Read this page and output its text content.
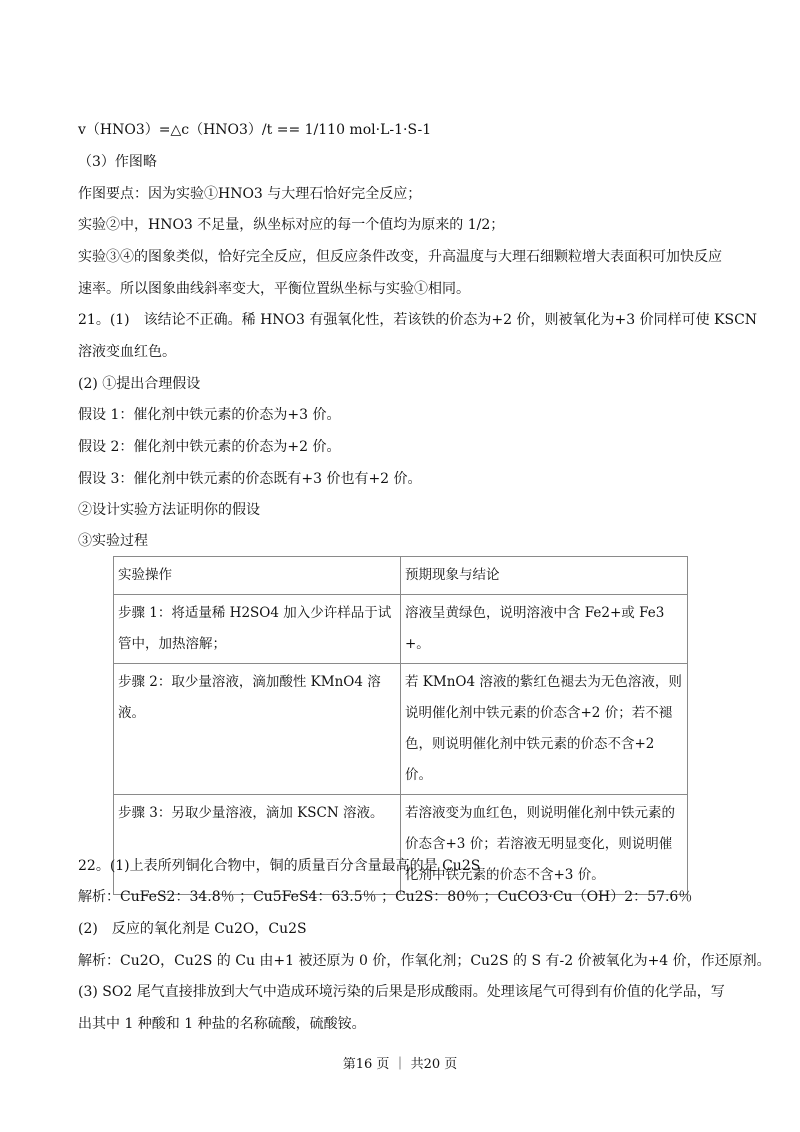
v（HNO3）=△c（HNO3）/t == 1/110 mol·L-1·S-1
（3）作图略
作图要点：因为实验①HNO3 与大理石恰好完全反应；
实验②中，HNO3 不足量，纵坐标对应的每一个值均为原来的 1/2；
实验③④的图象类似，恰好完全反应，但反应条件改变，升高温度与大理石细颗粒增大表面积可加快反应
速率。所以图象曲线斜率变大，平衡位置纵坐标与实验①相同。
21。(1)　该结论不正确。稀 HNO3 有强氧化性，若该铁的价态为+2 价，则被氧化为+3 价同样可使 KSCN
溶液变血红色。
(2) ①提出合理假设
假设 1：催化剂中铁元素的价态为+3 价。
假设 2：催化剂中铁元素的价态为+2 价。
假设 3：催化剂中铁元素的价态既有+3 价也有+2 价。
②设计实验方法证明你的假设
③实验过程
实验操作	预期现象与结论
步骤 1：将适量稀 H2SO4 加入少许样品于试管中，加热溶解；	溶液呈黄绿色，说明溶液中含 Fe2+或 Fe3+。
步骤 2：取少量溶液，滴加酸性 KMnO4 溶液。	若 KMnO4 溶液的紫红色褪去为无色溶液，则说明催化剂中铁元素的价态含+2 价；若不褪色，则说明催化剂中铁元素的价态不含+2 价。
步骤 3：另取少量溶液，滴加 KSCN 溶液。	若溶液变为血红色，则说明催化剂中铁元素的价态含+3 价；若溶液无明显变化，则说明催化剂中铁元素的价态不含+3 价。
22。(1)上表所列铜化合物中，铜的质量百分含量最高的是 Cu2S
解析：CuFeS2：34.8％ ；Cu5FeS4：63.5％ ；Cu2S：80％ ；CuCO3·Cu（OH）2：57.6％
(2)　反应的氧化剂是 Cu2O，Cu2S
解析：Cu2O，Cu2S 的 Cu 由+1 被还原为 0 价，作氧化剂；Cu2S 的 S 有-2 价被氧化为+4 价，作还原剂。
(3) SO2 尾气直接排放到大气中造成环境污染的后果是形成酸雨。处理该尾气可得到有价值的化学品，写
出其中 1 种酸和 1 种盐的名称硫酸，硫酸铵。
第16 页 ｜ 共20 页
